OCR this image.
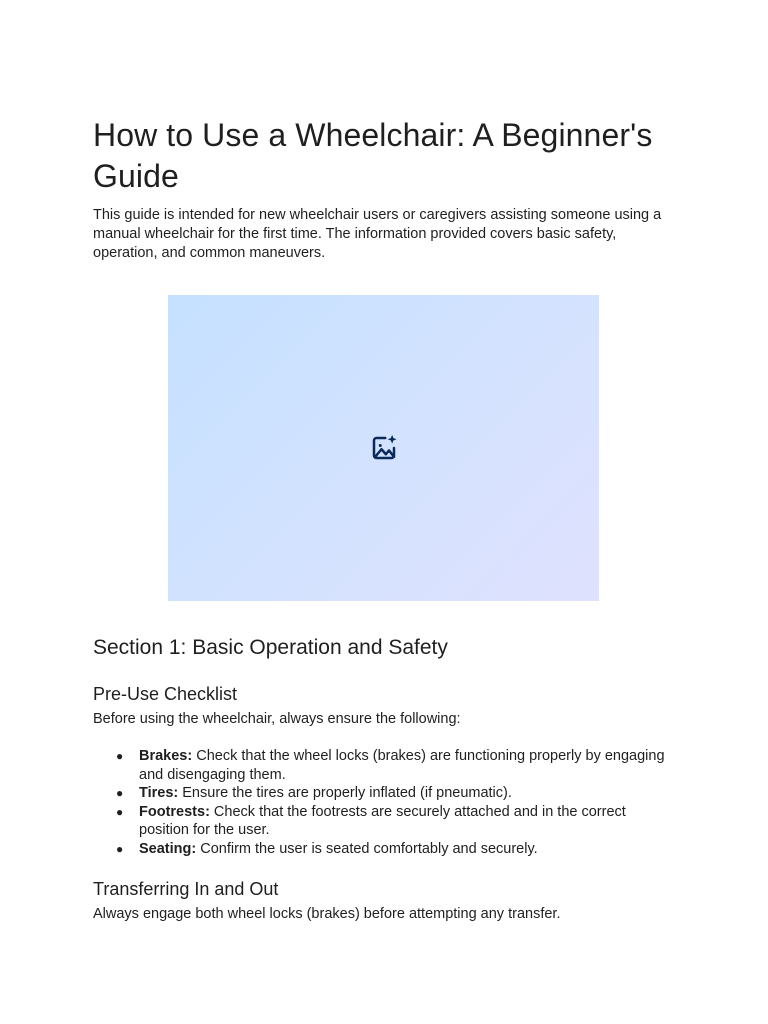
How to Use a Wheelchair: A Beginner's Guide

This guide is intended for new wheelchair users or caregivers assisting someone using a manual wheelchair for the first time. The information provided covers basic safety, operation, and common maneuvers.

Section 1: Basic Operation and Safety
Pre-Use Checklist

Before using the wheelchair, always ensure the following:

● Brakes: Check that the wheel locks (brakes) are functioning properly by engaging and disengaging them.
● Tires: Ensure the tires are properly inflated (if pneumatic).
● Footrests: Check that the footrests are securely attached and in the correct position for the user.
● Seating: Confirm the user is seated comfortably and securely.
Transferring In and Out

Always engage both wheel locks (brakes) before attempting any transfer.
